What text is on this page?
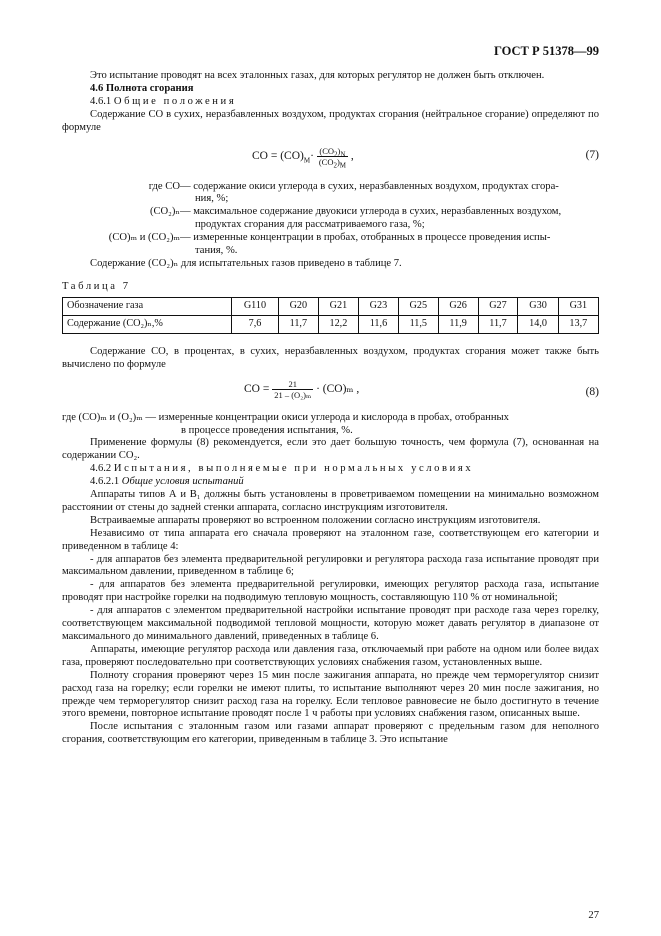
ГОСТ Р 51378—99

Это испытание проводят на всех эталонных газах, для которых регулятор не должен быть отключен.

4.6 Полнота сгорания

4.6.1 Общие положения

Содержание СО в сухих, неразбавленных воздухом, продуктах сгорания (нейтральное сгорание) определяют по формуле

СО = $(СО)_М\cdot \frac{(СО_2)_N}{(СО_2)_М}$ ,	(7)
где СО — содержание окиси углерода в сухих, неразбавленных воздухом, продуктах сгора-
ния, %;
(СО₂)ₙ — максимальное содержание двуокиси углерода в сухих, неразбавленных воздухом,
продуктах сгорания для рассматриваемого газа, %;
(СО)ₘ и (СО₂)ₘ — измеренные концентрации в пробах, отобранных в процессе проведения испы-
тания, %.

Содержание (СО₂)ₙ для испытательных газов приведено в таблице 7.

Таблица 7

Обозначение газа	G110	G20	G21	G23	G25	G26	G27	G30	G31
Содержание (СО₂)ₙ,%	7,6	11,7	12,2	11,6	11,5	11,9	11,7	14,0	13,7

Содержание СО, в процентах, в сухих, неразбавленных воздухом, продуктах сгорания может также быть вычислено по формуле

СО = $\frac{21}{\text{21 – (O₂)ₘ}} \cdot (СО)_m$ ,	(8)

где (СО)ₘ и (O₂)ₘ — измеренные концентрации окиси углерода и кислорода в пробах, отобранных

в процессе проведения испытания, %.

Применение формулы (8) рекомендуется, если это дает большую точность, чем формула (7), основанная на содержании СО₂.

4.6.2 Испытания, выполняемые при нормальных условиях

4.6.2.1 Общие условия испытаний

Аппараты типов А и В₁ должны быть установлены в проветриваемом помещении на минимально возможном расстоянии от стены до задней стенки аппарата, согласно инструкциям изготовителя.

Встраиваемые аппараты проверяют во встроенном положении согласно инструкциям изготовителя.

Независимо от типа аппарата его сначала проверяют на эталонном газе, соответствующем его категории и приведенном в таблице 4:

- для аппаратов без элемента предварительной регулировки и регулятора расхода газа испытание проводят при максимальном давлении, приведенном в таблице 6;

- для аппаратов без элемента предварительной регулировки, имеющих регулятор расхода газа, испытание проводят при настройке горелки на подводимую тепловую мощность, составляющую 110 % от номинальной;

- для аппаратов с элементом предварительной настройки испытание проводят при расходе газа через горелку, соответствующем максимальной подводимой тепловой мощности, которую может давать регулятор в диапазоне от максимального до минимального давлений, приведенных в таблице 6.

Аппараты, имеющие регулятор расхода или давления газа, отключаемый при работе на одном или более видах газа, проверяют последовательно при соответствующих условиях снабжения газом, установленных выше.

Полноту сгорания проверяют через 15 мин после зажигания аппарата, но прежде чем терморегулятор снизит расход газа на горелку; если горелки не имеют плиты, то испытание выполняют через 20 мин после зажигания, но прежде чем терморегулятор снизит расход газа на горелку. Если тепловое равновесие не было достигнуто в течение этого времени, повторное испытание проводят после 1 ч работы при условиях снабжения газом, описанных выше.

После испытания с эталонным газом или газами аппарат проверяют с предельным газом для неполного сгорания, соответствующим его категории, приведенным в таблице 3. Это испытание

27
